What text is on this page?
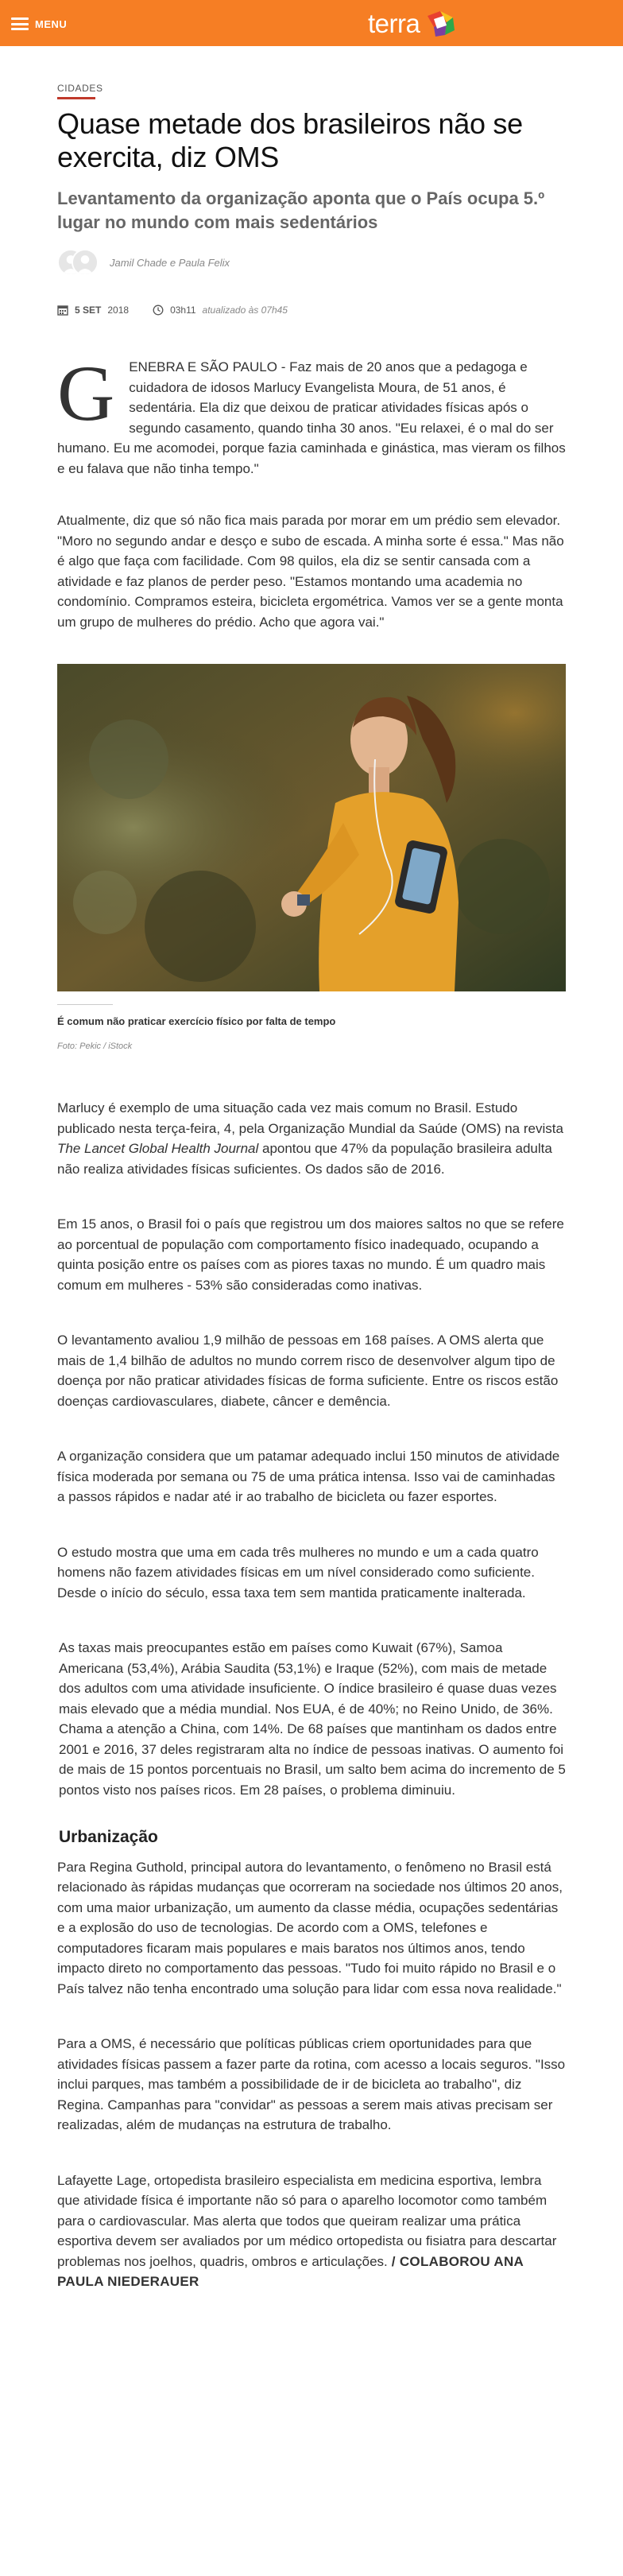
MENU	terra
CIDADES
Quase metade dos brasileiros não se exercita, diz OMS
Levantamento da organização aponta que o País ocupa 5.º lugar no mundo com mais sedentários
Jamil Chade e Paula Felix
5 SET 2018	03h11 atualizado às 07h45

G ENEBRA E SÃO PAULO - Faz mais de 20 anos que a pedagoga e cuidadora de idosos Marlucy Evangelista Moura, de 51 anos, é sedentária. Ela diz que deixou de praticar atividades físicas após o segundo casamento, quando tinha 30 anos. "Eu relaxei, é o mal do ser humano. Eu me acomodei, porque fazia caminhada e ginástica, mas vieram os filhos e eu falava que não tinha tempo."

Atualmente, diz que só não fica mais parada por morar em um prédio sem elevador. "Moro no segundo andar e desço e subo de escada. A minha sorte é essa." Mas não é algo que faça com facilidade. Com 98 quilos, ela diz se sentir cansada com a atividade e faz planos de perder peso. "Estamos montando uma academia no condomínio. Compramos esteira, bicicleta ergométrica. Vamos ver se a gente monta um grupo de mulheres do prédio. Acho que agora vai."

É comum não praticar exercício físico por falta de tempo
Foto: Pekic / iStock

Marlucy é exemplo de uma situação cada vez mais comum no Brasil. Estudo publicado nesta terça-feira, 4, pela Organização Mundial da Saúde (OMS) na revista The Lancet Global Health Journal apontou que 47% da população brasileira adulta não realiza atividades físicas suficientes. Os dados são de 2016.

Em 15 anos, o Brasil foi o país que registrou um dos maiores saltos no que se refere ao porcentual de população com comportamento físico inadequado, ocupando a quinta posição entre os países com as piores taxas no mundo. É um quadro mais comum em mulheres - 53% são consideradas como inativas.

O levantamento avaliou 1,9 milhão de pessoas em 168 países. A OMS alerta que mais de 1,4 bilhão de adultos no mundo correm risco de desenvolver algum tipo de doença por não praticar atividades físicas de forma suficiente. Entre os riscos estão doenças cardiovasculares, diabete, câncer e demência.

A organização considera que um patamar adequado inclui 150 minutos de atividade física moderada por semana ou 75 de uma prática intensa. Isso vai de caminhadas a passos rápidos e nadar até ir ao trabalho de bicicleta ou fazer esportes.

O estudo mostra que uma em cada três mulheres no mundo e um a cada quatro homens não fazem atividades físicas em um nível considerado como suficiente. Desde o início do século, essa taxa tem sem mantida praticamente inalterada.

As taxas mais preocupantes estão em países como Kuwait (67%), Samoa Americana (53,4%), Arábia Saudita (53,1%) e Iraque (52%), com mais de metade dos adultos com uma atividade insuficiente. O índice brasileiro é quase duas vezes mais elevado que a média mundial. Nos EUA, é de 40%; no Reino Unido, de 36%. Chama a atenção a China, com 14%. De 68 países que mantinham os dados entre 2001 e 2016, 37 deles registraram alta no índice de pessoas inativas. O aumento foi de mais de 15 pontos porcentuais no Brasil, um salto bem acima do incremento de 5 pontos visto nos países ricos. Em 28 países, o problema diminuiu.

Urbanização

Para Regina Guthold, principal autora do levantamento, o fenômeno no Brasil está relacionado às rápidas mudanças que ocorreram na sociedade nos últimos 20 anos, com uma maior urbanização, um aumento da classe média, ocupações sedentárias e a explosão do uso de tecnologias. De acordo com a OMS, telefones e computadores ficaram mais populares e mais baratos nos últimos anos, tendo impacto direto no comportamento das pessoas. "Tudo foi muito rápido no Brasil e o País talvez não tenha encontrado uma solução para lidar com essa nova realidade."

Para a OMS, é necessário que políticas públicas criem oportunidades para que atividades físicas passem a fazer parte da rotina, com acesso a locais seguros. "Isso inclui parques, mas também a possibilidade de ir de bicicleta ao trabalho", diz Regina. Campanhas para "convidar" as pessoas a serem mais ativas precisam ser realizadas, além de mudanças na estrutura de trabalho.

Lafayette Lage, ortopedista brasileiro especialista em medicina esportiva, lembra que atividade física é importante não só para o aparelho locomotor como também para o cardiovascular. Mas alerta que todos que queiram realizar uma prática esportiva devem ser avaliados por um médico ortopedista ou fisiatra para descartar problemas nos joelhos, quadris, ombros e articulações. / COLABOROU ANA PAULA NIEDERAUER
